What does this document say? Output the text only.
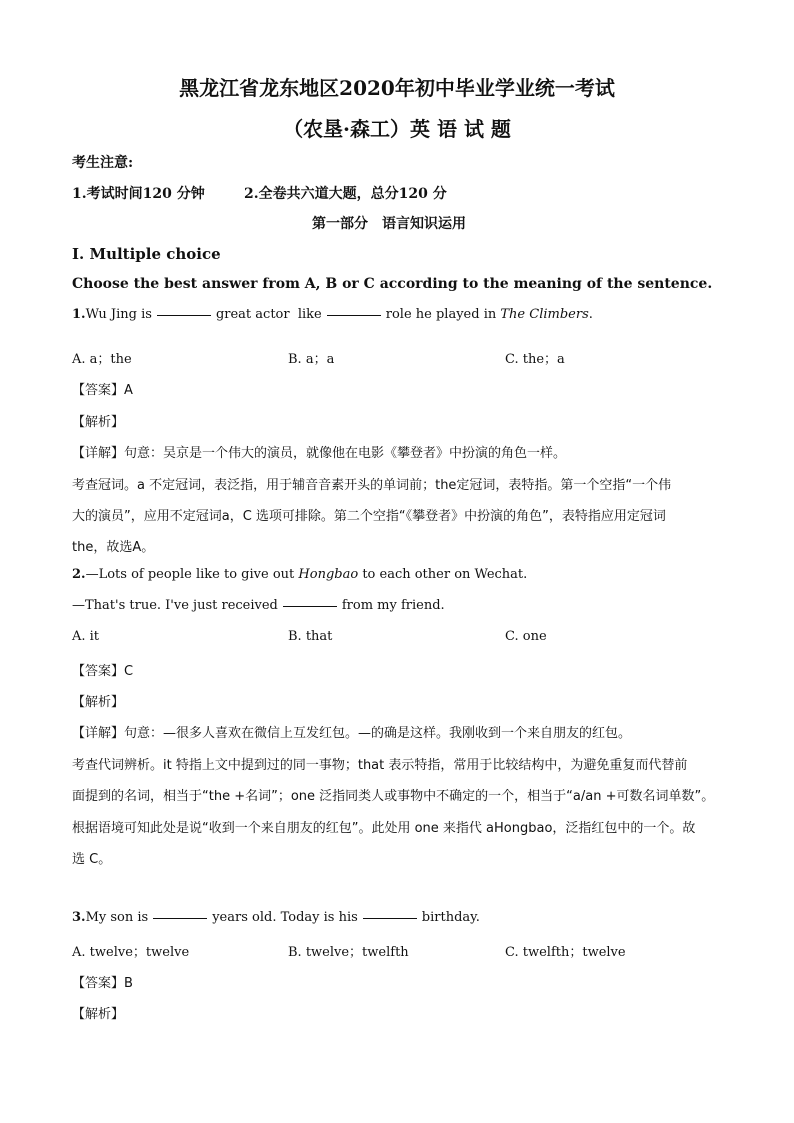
黑龙江省龙东地区2020年初中毕业学业统一考试
（农垦·森工）英 语 试 题
考生注意:
1.考试时间120 分钟	2.全卷共六道大题，总分120 分
第一部分　语言知识运用
I. Multiple choice
Choose the best answer from A, B or C according to the meaning of the sentence.
1.Wu Jing is	great actor like	role he played in The Climbers.
A. a；the	B. a；a	C. the；a
【答案】A
【解析】
【详解】句意：吴京是一个伟大的演员，就像他在电影《攀登者》中扮演的角色一样。
考查冠词。a 不定冠词，表泛指，用于辅音音素开头的单词前；the定冠词，表特指。第一个空指“一个伟
大的演员”，应用不定冠词a，C 选项可排除。第二个空指“《攀登者》中扮演的角色”，表特指应用定冠词
the，故选A。
2.—Lots of people like to give out Hongbao to each other on Wechat.
—That's true. I've just received	from my friend.
A. it	B. that	C. one
【答案】C
【解析】
【详解】句意：—很多人喜欢在微信上互发红包。—的确是这样。我刚收到一个来自朋友的红包。
考查代词辨析。it 特指上文中提到过的同一事物；that 表示特指，常用于比较结构中，为避免重复而代替前
面提到的名词，相当于“the +名词”；one 泛指同类人或事物中不确定的一个，相当于“a/an +可数名词单数”。
根据语境可知此处是说“收到一个来自朋友的红包”。此处用 one 来指代 aHongbao，泛指红包中的一个。故
选 C。
3.My son is	years old. Today is his	birthday.
A. twelve；twelve	B. twelve；twelfth	C. twelfth；twelve
【答案】B
【解析】
